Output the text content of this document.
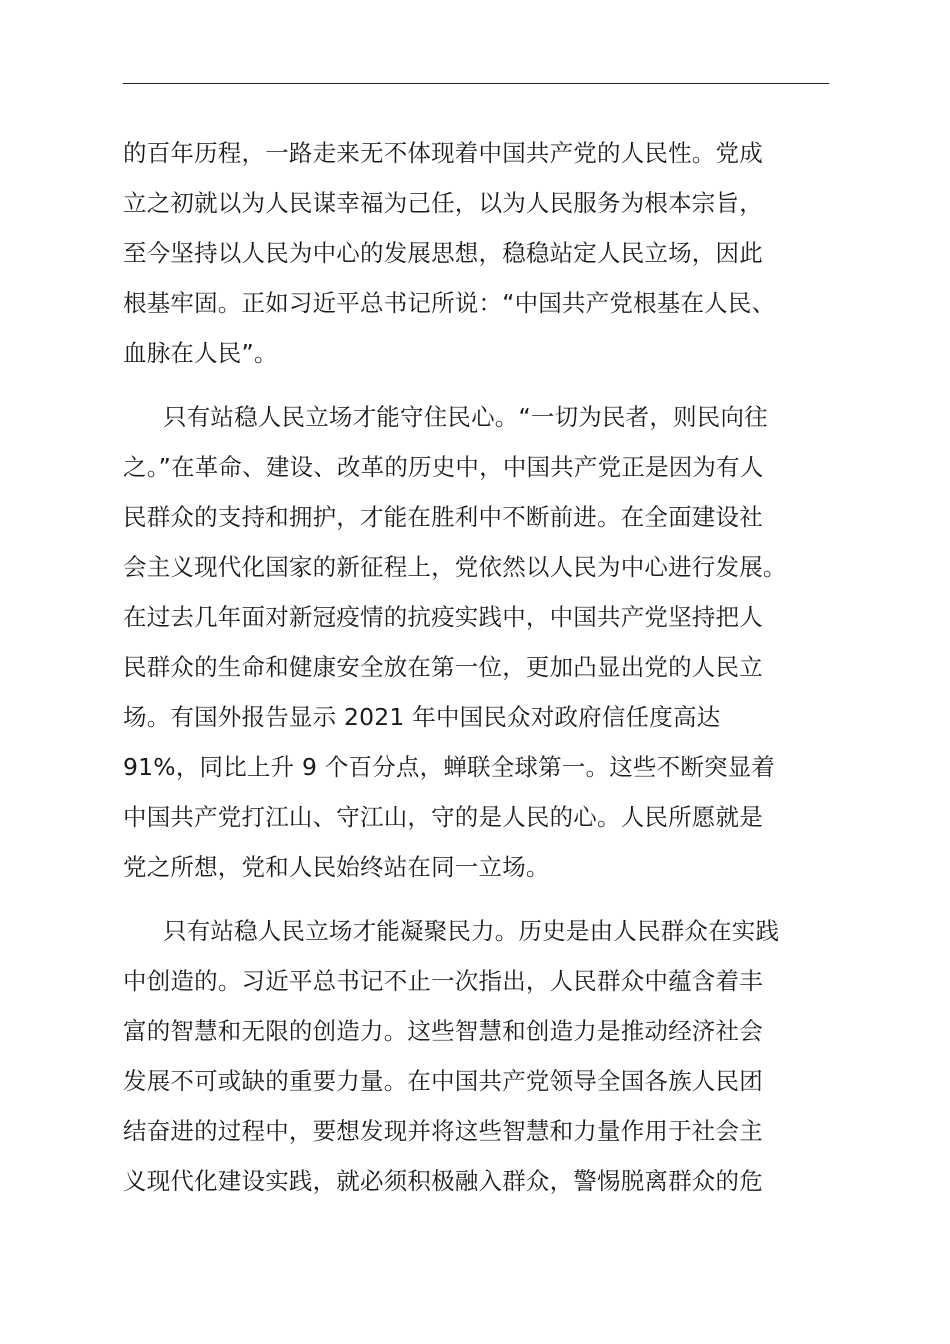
的百年历程，一路走来无不体现着中国共产党的人民性。党成
立之初就以为人民谋幸福为己任，以为人民服务为根本宗旨，
至今坚持以人民为中心的发展思想，稳稳站定人民立场，因此
根基牢固。正如习近平总书记所说：“中国共产党根基在人民、
血脉在人民”。
只有站稳人民立场才能守住民心。“一切为民者，则民向往
之。”在革命、建设、改革的历史中，中国共产党正是因为有人
民群众的支持和拥护，才能在胜利中不断前进。在全面建设社
会主义现代化国家的新征程上，党依然以人民为中心进行发展。
在过去几年面对新冠疫情的抗疫实践中，中国共产党坚持把人
民群众的生命和健康安全放在第一位，更加凸显出党的人民立
场。有国外报告显示 2021 年中国民众对政府信任度高达
91%，同比上升 9 个百分点，蝉联全球第一。这些不断突显着
中国共产党打江山、守江山，守的是人民的心。人民所愿就是
党之所想，党和人民始终站在同一立场。
只有站稳人民立场才能凝聚民力。历史是由人民群众在实践
中创造的。习近平总书记不止一次指出，人民群众中蕴含着丰
富的智慧和无限的创造力。这些智慧和创造力是推动经济社会
发展不可或缺的重要力量。在中国共产党领导全国各族人民团
结奋进的过程中，要想发现并将这些智慧和力量作用于社会主
义现代化建设实践，就必须积极融入群众，警惕脱离群众的危
